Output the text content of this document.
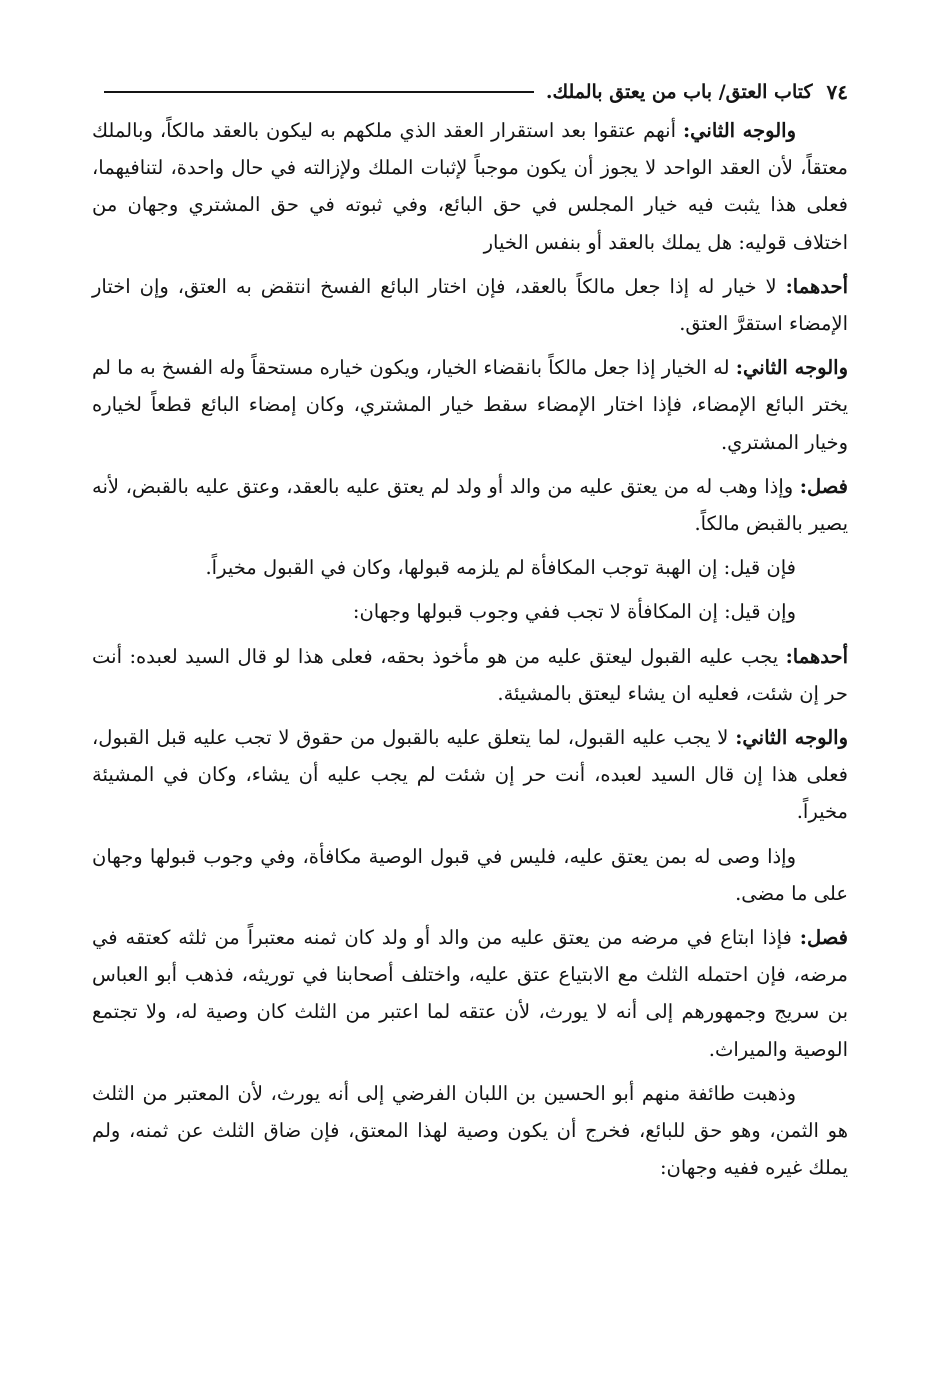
٧٤
كتاب العتق/ باب من يعتق بالملك.

والوجه الثاني: أنهم عتقوا بعد استقرار العقد الذي ملكهم به ليكون بالعقد مالكاً، وبالملك معتقاً، لأن العقد الواحد لا يجوز أن يكون موجباً لإثبات الملك ولإزالته في حال واحدة، لتنافيهما، فعلى هذا يثبت فيه خيار المجلس في حق البائع، وفي ثبوته في حق المشتري وجهان من اختلاف قوليه: هل يملك بالعقد أو بنفس الخيار

أحدهما: لا خيار له إذا جعل مالكاً بالعقد، فإن اختار البائع الفسخ انتقض به العتق، وإن اختار الإمضاء استقرَّ العتق.

والوجه الثاني: له الخيار إذا جعل مالكاً بانقضاء الخيار، ويكون خياره مستحقاً وله الفسخ به ما لم يختر البائع الإمضاء، فإذا اختار الإمضاء سقط خيار المشتري، وكان إمضاء البائع قطعاً لخياره وخيار المشتري.

فصل: وإذا وهب له من يعتق عليه من والد أو ولد لم يعتق عليه بالعقد، وعتق عليه بالقبض، لأنه يصير بالقبض مالكاً.

فإن قيل: إن الهبة توجب المكافأة لم يلزمه قبولها، وكان في القبول مخيراً.

وإن قيل: إن المكافأة لا تجب ففي وجوب قبولها وجهان:

أحدهما: يجب عليه القبول ليعتق عليه من هو مأخوذ بحقه، فعلى هذا لو قال السيد لعبده: أنت حر إن شئت، فعليه ان يشاء ليعتق بالمشيئة.

والوجه الثاني: لا يجب عليه القبول، لما يتعلق عليه بالقبول من حقوق لا تجب عليه قبل القبول، فعلى هذا إن قال السيد لعبده، أنت حر إن شئت لم يجب عليه أن يشاء، وكان في المشيئة مخيراً.

وإذا وصى له بمن يعتق عليه، فليس في قبول الوصية مكافأة، وفي وجوب قبولها وجهان على ما مضى.

فصل: فإذا ابتاع في مرضه من يعتق عليه من والد أو ولد كان ثمنه معتبراً من ثلثه كعتقه في مرضه، فإن احتمله الثلث مع الابتياع عتق عليه، واختلف أصحابنا في توريثه، فذهب أبو العباس بن سريج وجمهورهم إلى أنه لا يورث، لأن عتقه لما اعتبر من الثلث كان وصية له، ولا تجتمع الوصية والميراث.

وذهبت طائفة منهم أبو الحسين بن اللبان الفرضي إلى أنه يورث، لأن المعتبر من الثلث هو الثمن، وهو حق للبائع، فخرج أن يكون وصية لهذا المعتق، فإن ضاق الثلث عن ثمنه، ولم يملك غيره ففيه وجهان:
